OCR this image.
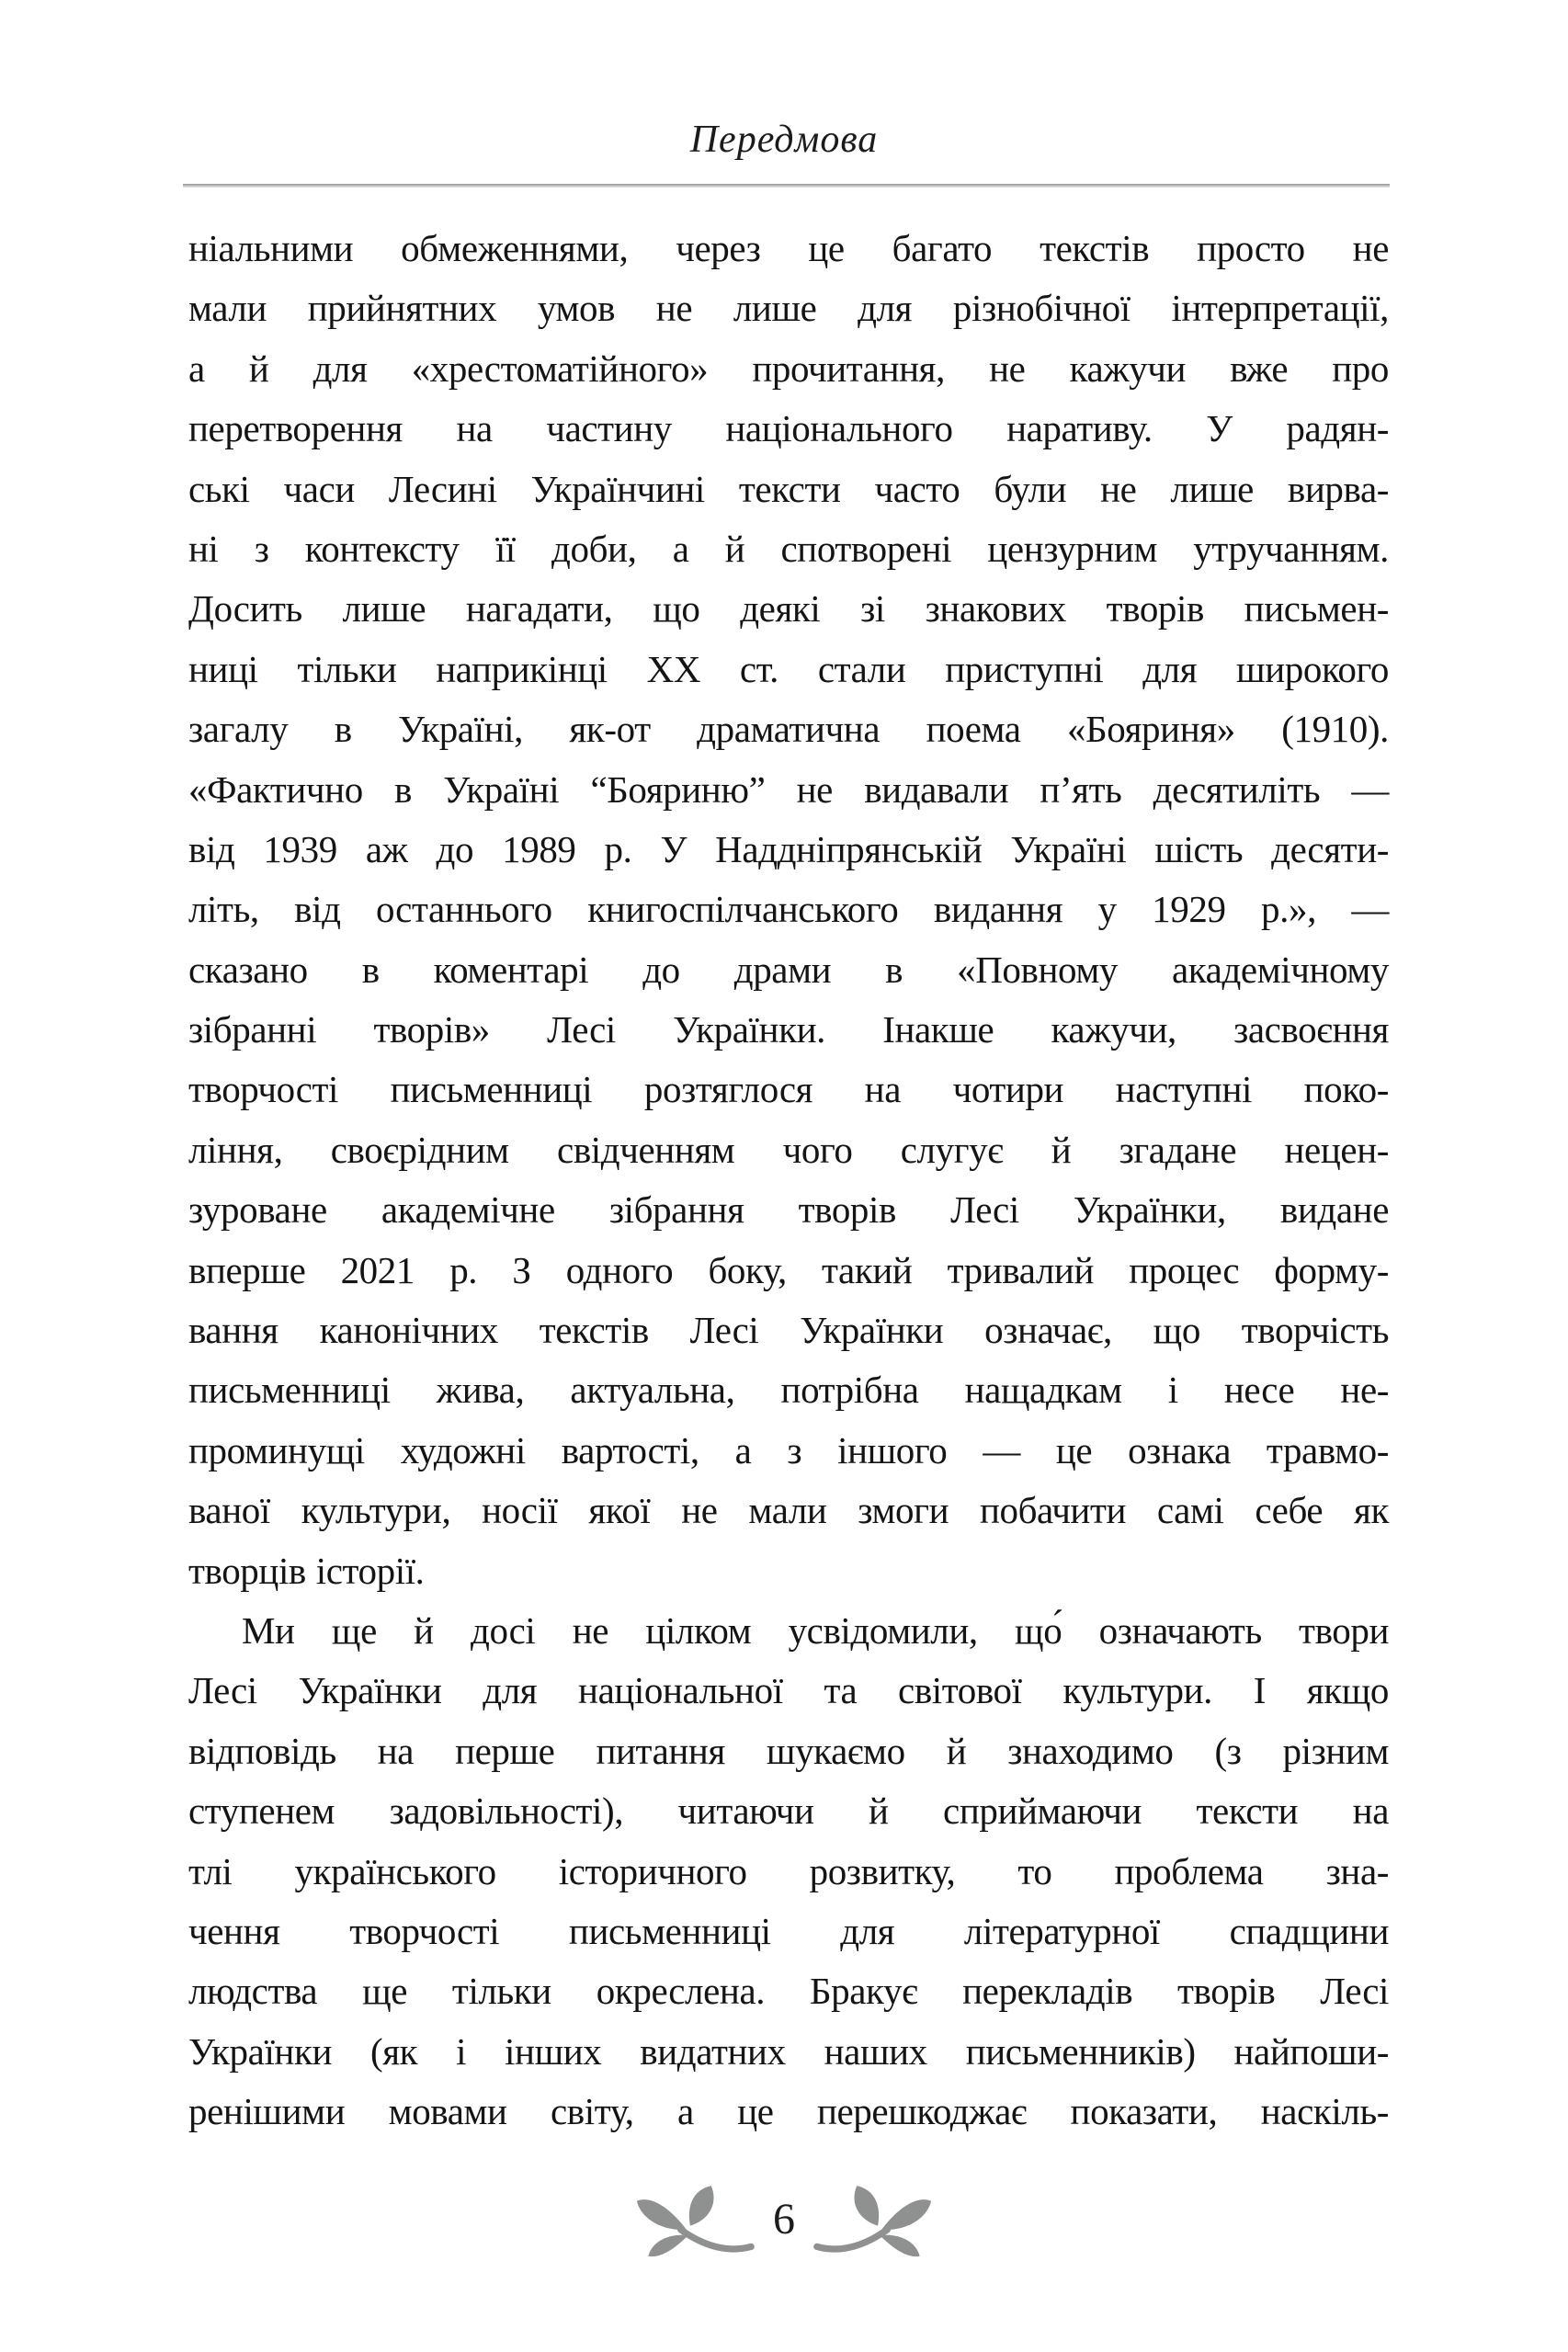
Передмова
ніальними обмеженнями, через це багато текстів просто не
мали прийнятних умов не лише для різнобічної інтерпретації,
а й для «хрестоматійного» прочитання, не кажучи вже про
перетворення на частину національного наративу. У радян-
ські часи Лесині Українчині тексти часто були не лише вирва-
ні з контексту її доби, а й спотворені цензурним утручанням.
Досить лише нагадати, що деякі зі знакових творів письмен-
ниці тільки наприкінці ХХ ст. стали приступні для широкого
загалу в Україні, як-от драматична поема «Бояриня» (1910).
«Фактично в Україні “Бояриню” не видавали п’ять десятиліть —
від 1939 аж до 1989 р. У Наддніпрянській Україні шість десяти-
літь, від останнього книгоспілчанського видання у 1929 р.», —
сказано в коментарі до драми в «Повному академічному
зібранні творів» Лесі Українки. Інакше кажучи, засвоєння
творчості письменниці розтяглося на чотири наступні поко-
ління, своєрідним свідченням чого слугує й згадане нецен-
зуроване академічне зібрання творів Лесі Українки, видане
вперше 2021 р. З одного боку, такий тривалий процес форму-
вання канонічних текстів Лесі Українки означає, що творчість
письменниці жива, актуальна, потрібна нащадкам і несе не-
проминущі художні вартості, а з іншого — це ознака травмо-
ваної культури, носії якої не мали змоги побачити самі себе як
творців історії.
Ми ще й досі не цілком усвідомили, що́ означають твори
Лесі Українки для національної та світової культури. І якщо
відповідь на перше питання шукаємо й знаходимо (з різним
ступенем задовільності), читаючи й сприймаючи тексти на
тлі українського історичного розвитку, то проблема зна-
чення творчості письменниці для літературної спадщини
людства ще тільки окреслена. Бракує перекладів творів Лесі
Українки (як і інших видатних наших письменників) найпоши-
ренішими мовами світу, а це перешкоджає показати, наскіль-
6
